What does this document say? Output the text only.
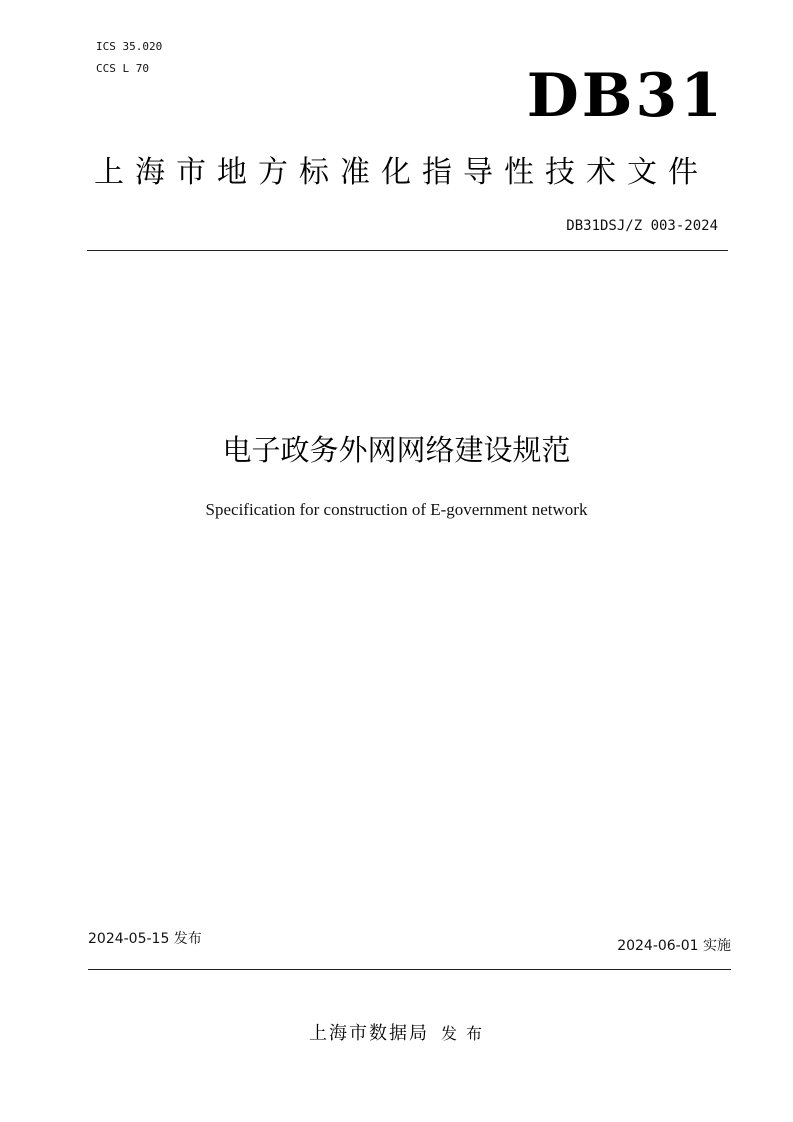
ICS 35.020
CCS L 70	DB31
上海市地方标准化指导性技术文件
DB31DSJ/Z 003-2024
电子政务外网网络建设规范
Specification for construction of E-government network
2024-05-15 发布	2024-06-01 实施
上海市数据局 发 布
